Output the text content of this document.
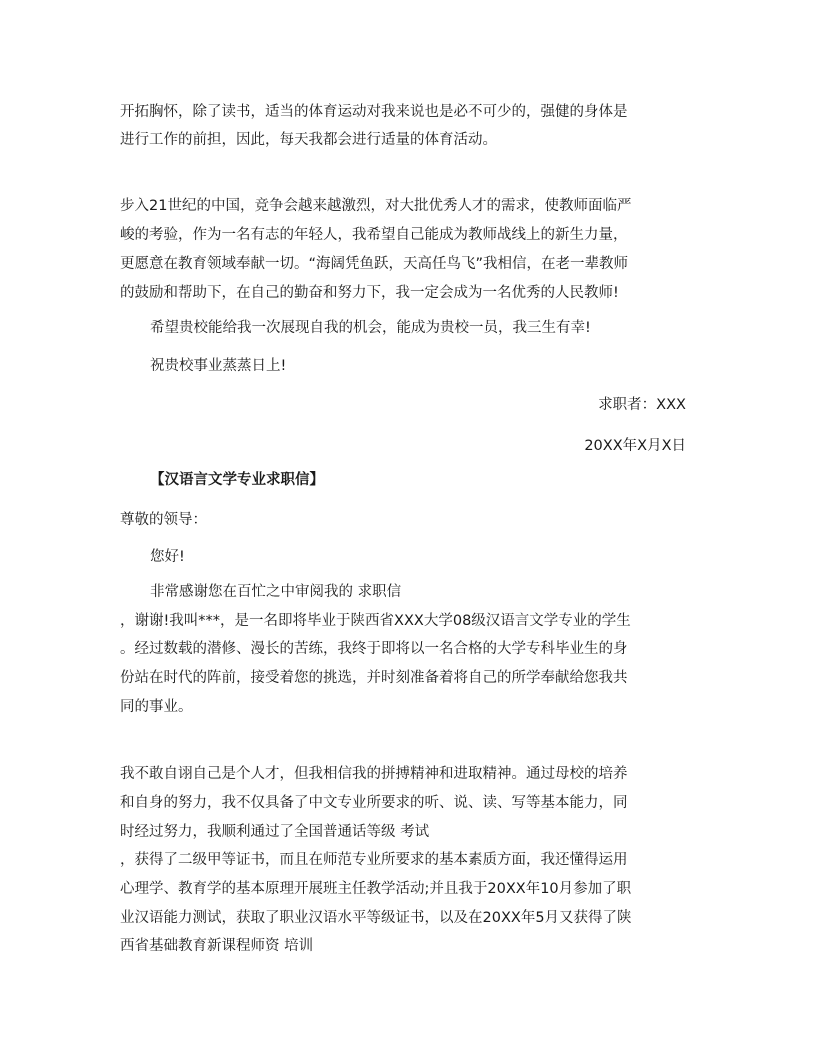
开拓胸怀，除了读书，适当的体育运动对我来说也是必不可少的，强健的身体是
进行工作的前担，因此，每天我都会进行适量的体育活动。
步入21世纪的中国，竞争会越来越激烈，对大批优秀人才的需求，使教师面临严
峻的考验，作为一名有志的年轻人，我希望自己能成为教师战线上的新生力量，
更愿意在教育领域奉献一切。“海阔凭鱼跃，天高任鸟飞”我相信，在老一辈教师
的鼓励和帮助下，在自己的勤奋和努力下，我一定会成为一名优秀的人民教师!
希望贵校能给我一次展现自我的机会，能成为贵校一员，我三生有幸!
祝贵校事业蒸蒸日上!
求职者：XXX
20XX年X月X日
【汉语言文学专业求职信】
尊敬的领导：
您好!
非常感谢您在百忙之中审阅我的 求职信
，谢谢!我叫***，是一名即将毕业于陕西省XXX大学08级汉语言文学专业的学生
。经过数载的潜修、漫长的苦练，我终于即将以一名合格的大学专科毕业生的身
份站在时代的阵前，接受着您的挑选，并时刻准备着将自己的所学奉献给您我共
同的事业。
我不敢自诩自己是个人才，但我相信我的拼搏精神和进取精神。通过母校的培养
和自身的努力，我不仅具备了中文专业所要求的听、说、读、写等基本能力，同
时经过努力，我顺利通过了全国普通话等级 考试
，获得了二级甲等证书，而且在师范专业所要求的基本素质方面，我还懂得运用
心理学、教育学的基本原理开展班主任教学活动;并且我于20XX年10月参加了职
业汉语能力测试，获取了职业汉语水平等级证书，以及在20XX年5月又获得了陕
西省基础教育新课程师资 培训
